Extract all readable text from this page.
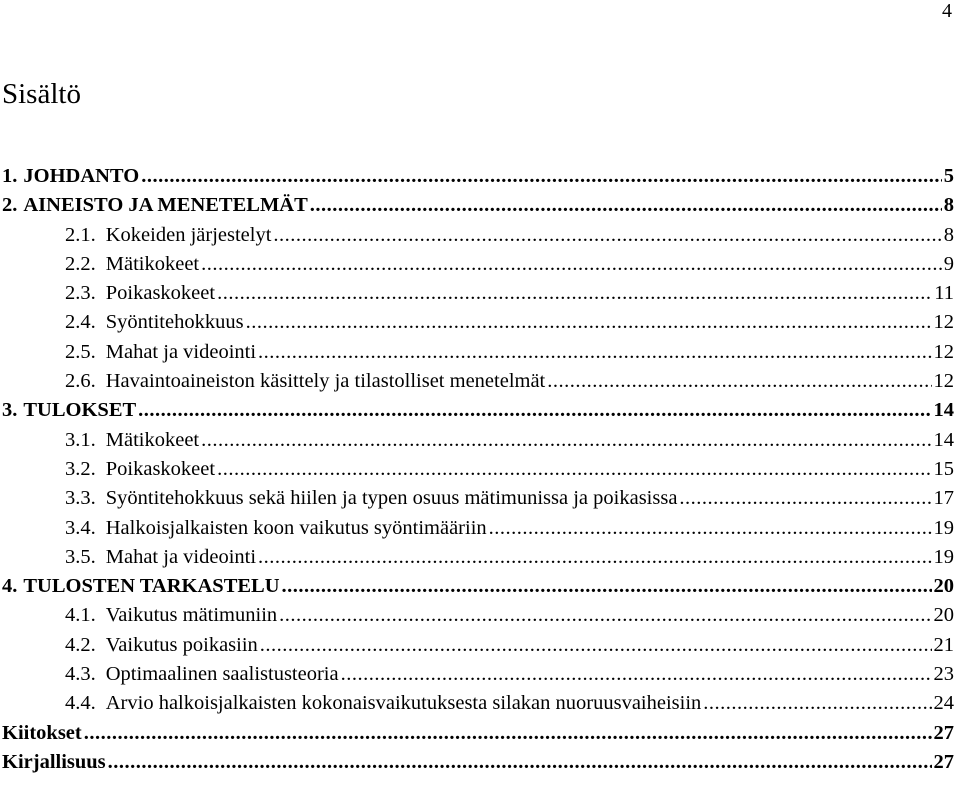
4
Sisältö
1. JOHDANTO .....	5
2. AINEISTO JA MENETELMÄT .....	8
2.1. Kokeiden järjestelyt .....	8
2.2. Mätikokeet .....	9
2.3. Poikaskokeet .....	11
2.4. Syöntitehokkuus .....	12
2.5. Mahat ja videointi .....	12
2.6. Havaintoaineiston käsittely ja tilastolliset menetelmät .....	12
3. TULOKSET .....	14
3.1. Mätikokeet .....	14
3.2. Poikaskokeet .....	15
3.3. Syöntitehokkuus sekä hiilen ja typen osuus mätimunissa ja poikasissa .....	17
3.4. Halkoisjalkaisten koon vaikutus syöntimääriin .....	19
3.5. Mahat ja videointi .....	19
4. TULOSTEN TARKASTELU .....	20
4.1. Vaikutus mätimuniin .....	20
4.2. Vaikutus poikasiin .....	21
4.3. Optimaalinen saalistusteoria .....	23
4.4. Arvio halkoisjalkaisten kokonaisvaikutuksesta silakan nuoruusvaiheisiin .....	24
Kiitokset .....	27
Kirjallisuus .....	27
